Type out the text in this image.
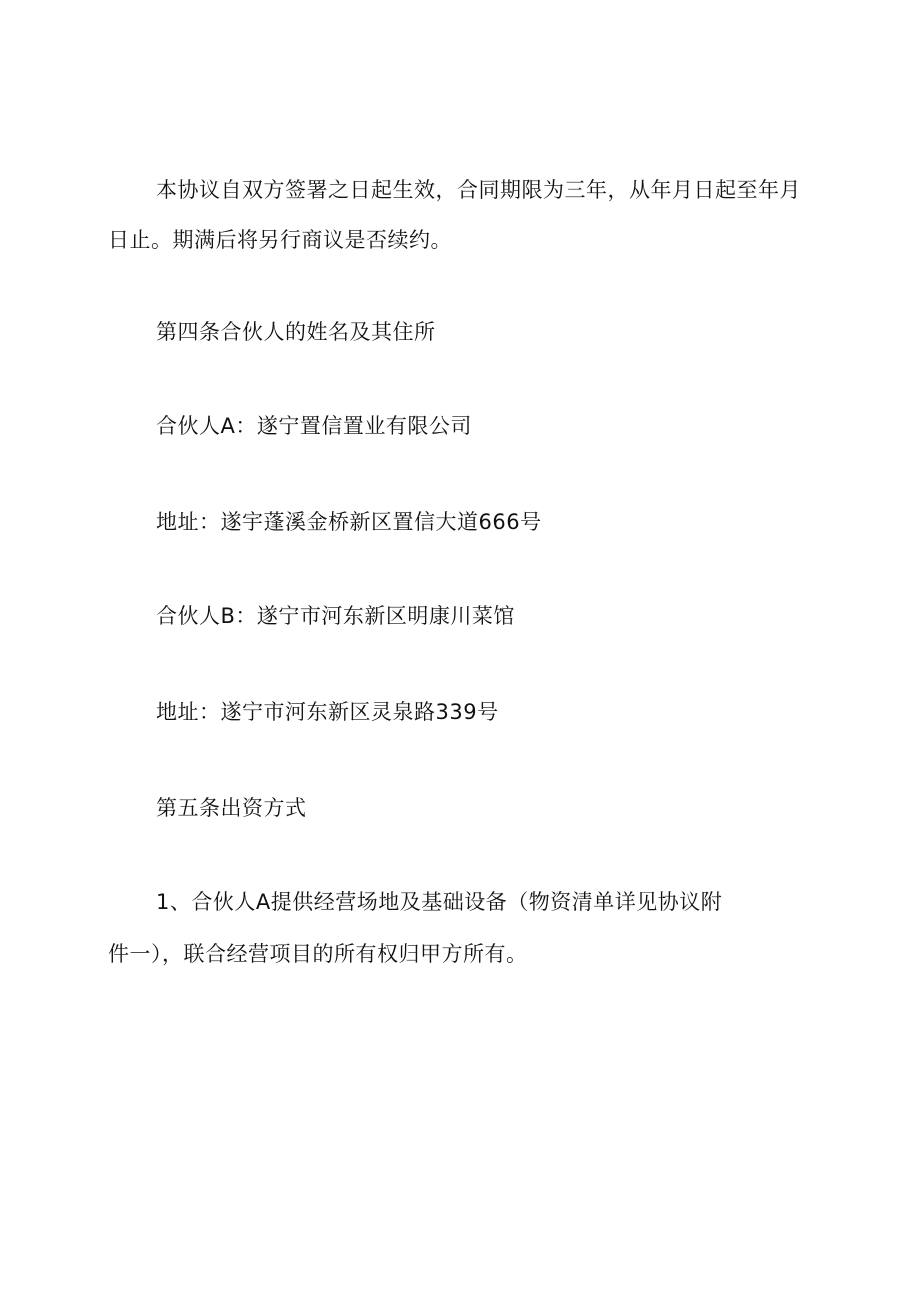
本协议自双方签署之日起生效，合同期限为三年，从年月日起至年月
日止。期满后将另行商议是否续约。
第四条合伙人的姓名及其住所
合伙人A：遂宁置信置业有限公司
地址：遂宇蓬溪金桥新区置信大道666号
合伙人B：遂宁市河东新区明康川菜馆
地址：遂宁市河东新区灵泉路339号
第五条出资方式
1、合伙人A提供经营场地及基础设备（物资清单详见协议附
件一），联合经营项目的所有权归甲方所有。
